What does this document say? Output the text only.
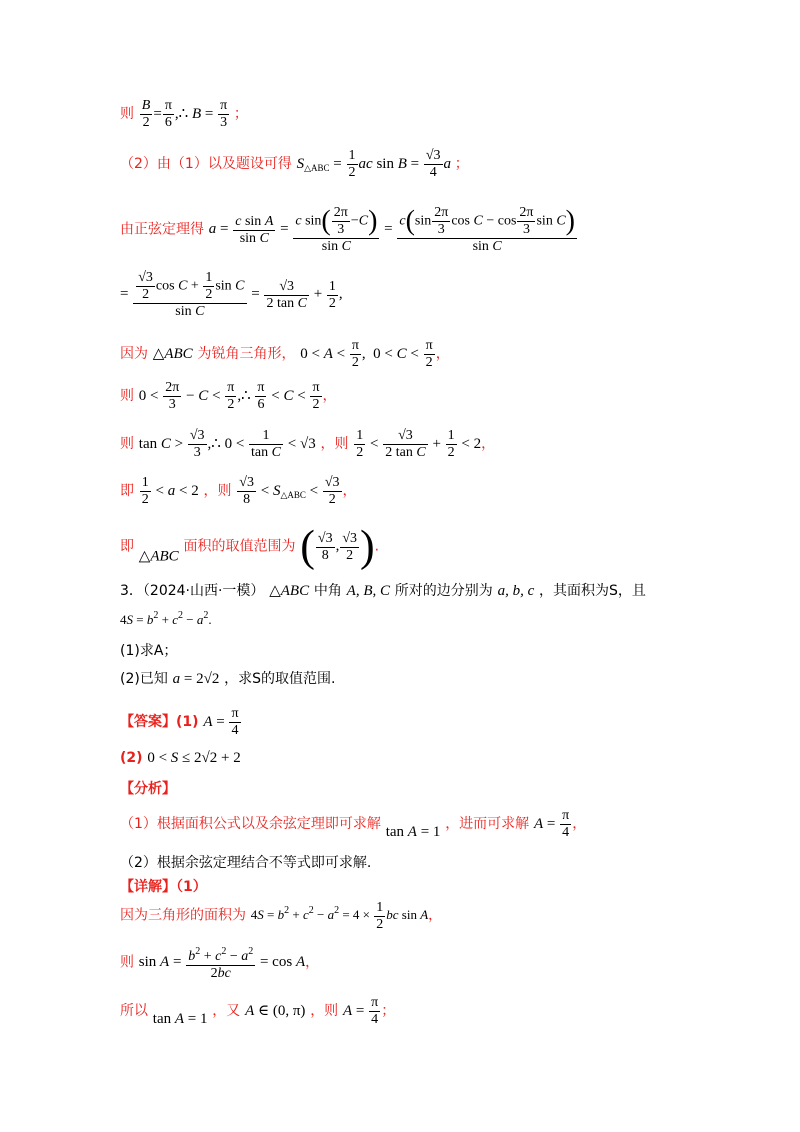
则 $\frac{B}{2} = \frac{\pi}{6}$ ,∴ $B = \frac{\pi}{3}$ ；
（2）由（1）以及题设可得 $S_{\triangle ABC} = \frac{1}{2}$ ac $\sin B = \frac{√3}{4}$ a ；
由正弦定理得 $a = \frac{\text{c sin A}}{\text{sin C}} = \frac{c \sin( \frac{2\pi}{3} -C)}{\text{sin C}} = \frac{c(\sin \frac{2\pi}{3} \cos C - \cos \frac{2\pi}{3} \sin C)}{\text{sin C}}$
= $\frac{\frac{√3}{2} \cos C + \frac{1}{2} \sin C}{\text{sin C}} = \frac{√3}{\text{2 tan C}} + \frac{1}{2}$ ,
因为 △ABC 为锐角三角形， $0 < A < \frac{\pi}{2}$ ,  $0 < C < \frac{\pi}{2}$ ，
则 $0 < \frac{2\pi}{3} - C < \frac{\pi}{2}$ ,∴ $\frac{\pi}{6} < C < \frac{\pi}{2}$ ，
则 $\tan C > \frac{√3}{3}$ ,∴ $0 < \frac{1}{\text{tan C}} < √3$ ，则 $\frac{1}{2} < \frac{√3}{\text{2 tan C}} + \frac{1}{2} < 2$，
即 $\frac{1}{2} < a < 2$ ，则 $\frac{√3}{8} < S_{\triangle ABC} < \frac{√3}{2}$ ，
即 △ABC 面积的取值范围为 ( $\frac{√3}{8}$ , $\frac{√3}{2}$ ).
3．（2024·山西·一模） △ABC 中角 A, B, C 所对的边分别为 a, b, c ，其面积为S，且
$4S = b^2 + c^2 - a^2$.
(1)求A；
(2)已知 a = 2√2 ，求S的取值范围.
【答案】(1) $A = \frac{\pi}{4}$
(2) 0 < S ≤ 2√2 + 2
【分析】
（1）根据面积公式以及余弦定理即可求解 tan A = 1 ，进而可求解 $A = \frac{\pi}{4}$ ，
（2）根据余弦定理结合不等式即可求解.
【详解】（1）
因为三角形的面积为 $4S = b^2 + c^2 - a^2 = 4 \times \frac{1}{2}$ bc sin A，
则 $\sin A = \frac{b^2 + c^2 - a^2}{2bc} = \cos A$，
所以 tan A = 1 ，又 A ∈ (0, π) ，则 $A = \frac{\pi}{4}$ ；
